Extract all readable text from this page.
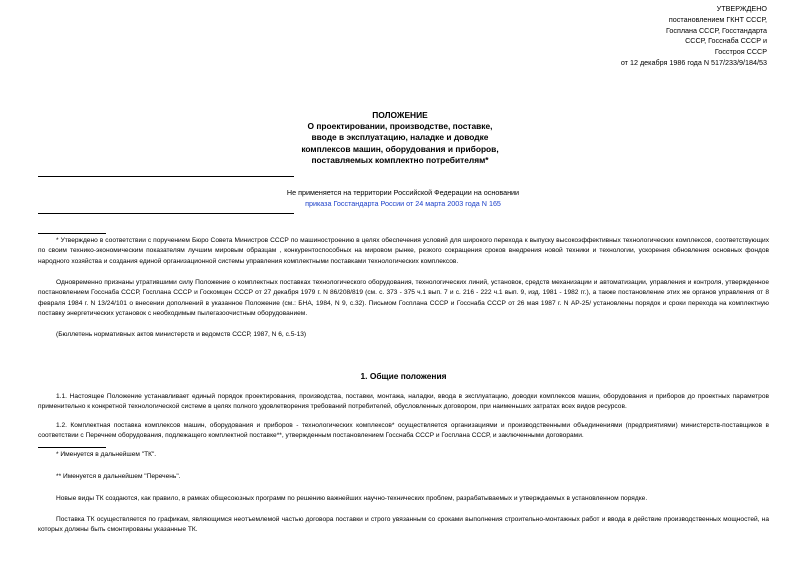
УТВЕРЖДЕНО
постановлением ГКНТ СССР,
Госплана СССР, Госстандарта
СССР, Госснаба СССР и
Госстроя СССР
от 12 декабря 1986 года N 517/233/9/184/53
ПОЛОЖЕНИЕ
О проектировании, производстве, поставке,
вводе в эксплуатацию, наладке и доводке
комплексов машин, оборудования и приборов,
поставляемых комплектно потребителям*
Не применяется на территории Российской Федерации на основании
приказа Госстандарта России от 24 марта 2003 года N 165
* Утверждено в соответствии с поручением Бюро Совета Министров СССР по машиностроению в целях обеспечения условий для широкого перехода к выпуску высокоэффективных технологических комплексов, соответствующих по своим технико-экономическим показателям лучшим мировым образцам , конкурентоспособных на мировом рынке, резкого сокращения сроков внедрения новой техники и технологии, ускорения обновления основных фондов народного хозяйства и создания единой организационной системы управления комплектными поставками технологических комплексов.
Одновременно признаны утратившими силу Положение о комплектных поставках технологического оборудования, технологических линий, установок, средств механизации и автоматизации, управления и контроля, утвержденное постановлением Госснаба СССР, Госплана СССР и Госкомцен СССР от 27 декабря 1979 г. N 86/208/819 (см. с. 373 - 375 ч.1 вып. 7 и с. 216 - 222 ч.1 вып. 9, изд. 1981 - 1982 гг.), а также постановление этих же органов управления от 8 февраля 1984 г. N 13/24/101 о внесении дополнений в указанное Положение (см.: БНА, 1984, N 9, с.32). Письмом Госплана СССР и Госснаба СССР от 26 мая 1987 г. N АР-25/ установлены порядок и сроки перехода на комплектную поставку энергетических установок с необходимым пылегазоочистным оборудованием.
(Бюллетень нормативных актов министерств и ведомств СССР, 1987, N 6, с.5-13)
1. Общие положения
1.1. Настоящее Положение устанавливает единый порядок проектирования, производства, поставки, монтажа, наладки, ввода в эксплуатацию, доводки комплексов машин, оборудования и приборов до проектных параметров применительно к конкретной технологической системе в целях полного удовлетворения требований потребителей, обусловленных договором, при наименьших затратах всех видов ресурсов.
1.2. Комплектная поставка комплексов машин, оборудования и приборов - технологических комплексов* осуществляется организациями и производственными объединениями (предприятиями) министерств-поставщиков в соответствии с Перечнем оборудования, подлежащего комплектной поставке**, утвержденным постановлением Госснаба СССР и Госплана СССР, и заключенными договорами.
* Именуется в дальнейшем "ТК".
** Именуется в дальнейшем "Перечень".
Новые виды ТК создаются, как правило, в рамках общесоюзных программ по решению важнейших научно-технических проблем, разрабатываемых и утверждаемых в установленном порядке.
Поставка ТК осуществляется по графикам, являющимся неотъемлемой частью договора поставки и строго увязанным со сроками выполнения строительно-монтажных работ и ввода в действие производственных мощностей, на которых должны быть смонтированы указанные ТК.
